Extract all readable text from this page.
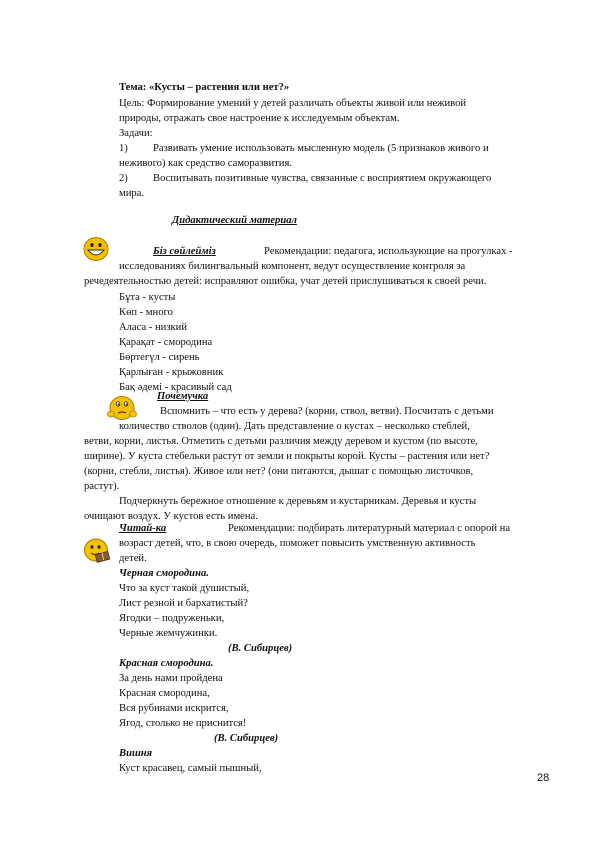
Тема: «Кусты – растения или нет?»
Цель: Формирование умений у детей различать объекты живой или неживой
природы, отражать свое настроение к исследуемым объектам.
Задачи:
1) Развивать умение использовать мысленную модель (5 признаков живого и
неживого) как средство саморазвития.
2) Воспитывать позитивные чувства, связанные с восприятием окружающего
мира.
Дидактический материал
Біз сөйлейміз	Рекомендации: педагога, использующие на прогулках -
исследованиях билингвальный компонент, ведут осуществление контроля за
речедеятельностью детей: исправляют ошибка, учат детей прислушиваться к своей речи.
Бұта - кусты
Көп - много
Аласа - низкий
Қарақат - смородина
Бөртегүл - сирень
Қарлыған - крыжовник
Бақ әдемі - красивый сад
Почемучка
Вспомнить – что есть у дерева? (корни, ствол, ветви). Посчитать с детьми
количество стволов (один). Дать представление о кустах – несколько стеблей,
ветви, корни, листья. Отметить с детьми различия между деревом и кустом (по высоте,
ширине). У куста стебельки растут от земли и покрыты корой. Кусты – растения или нет?
(корни, стебли, листья). Живое или нет? (они питаются, дышат с помощью листочков,
растут).
Подчеркнуть бережное отношение к деревьям и кустарникам. Деревья и кусты
очищают воздух. У кустов есть имена.
Читай-ка	Рекомендации: подбирать литературный материал с опорой на
возраст детей, что, в свою очередь, поможет повысить умственную активность
детей.
Черная смородина.
Что за куст такой душистый,
Лист резной и бархатистый?
Ягодки – подруженьки,
Черные жемчужинки.
(В. Сибирцев)
Красная смородина.
За день нами пройдена
Красная смородина,
Вся рубинами искрится,
Ягод, столько не приснится!
(В. Сибирцев)
Вишня
Куст красавец, самый пышный,
28
